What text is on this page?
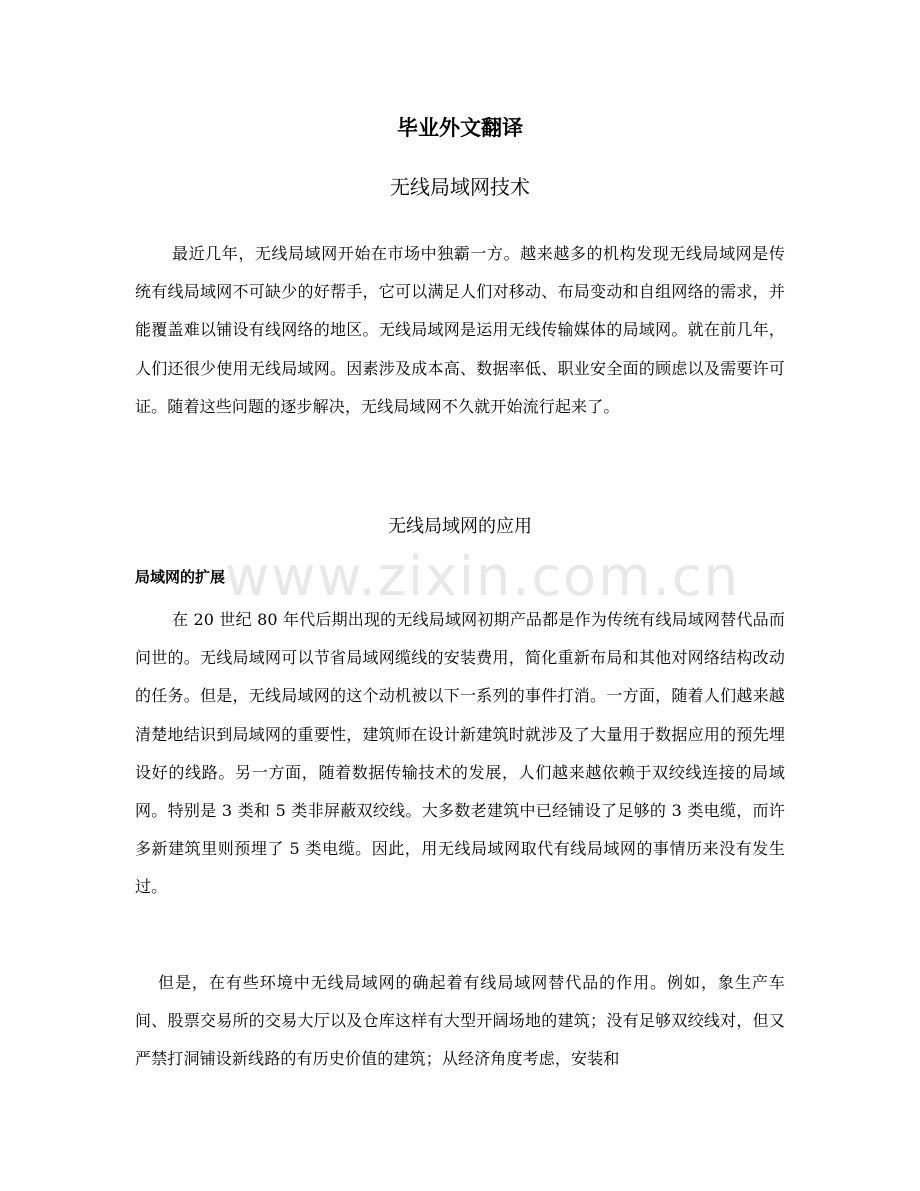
毕业外文翻译
无线局域网技术

最近几年，无线局域网开始在市场中独霸一方。越来越多的机构发现无线局域网是传统有线局域网不可缺少的好帮手，它可以满足人们对移动、布局变动和自组网络的需求，并能覆盖难以铺设有线网络的地区。无线局域网是运用无线传输媒体的局域网。就在前几年，人们还很少使用无线局域网。因素涉及成本高、数据率低、职业安全面的顾虑以及需要许可证。随着这些问题的逐步解决，无线局域网不久就开始流行起来了。

无线局域网的应用
局域网的扩展

在 20 世纪 80 年代后期出现的无线局域网初期产品都是作为传统有线局域网替代品而问世的。无线局域网可以节省局域网缆线的安装费用，简化重新布局和其他对网络结构改动的任务。但是，无线局域网的这个动机被以下一系列的事件打消。一方面，随着人们越来越清楚地结识到局域网的重要性，建筑师在设计新建筑时就涉及了大量用于数据应用的预先埋设好的线路。另一方面，随着数据传输技术的发展，人们越来越依赖于双绞线连接的局域网。特别是 3 类和 5 类非屏蔽双绞线。大多数老建筑中已经铺设了足够的 3 类电缆，而许多新建筑里则预埋了 5 类电缆。因此，用无线局域网取代有线局域网的事情历来没有发生过。

但是，在有些环境中无线局域网的确起着有线局域网替代品的作用。例如，象生产车间、股票交易所的交易大厅以及仓库这样有大型开阔场地的建筑；没有足够双绞线对，但又严禁打洞铺设新线路的有历史价值的建筑；从经济角度考虑，安装和

www.zixin.com.cn
